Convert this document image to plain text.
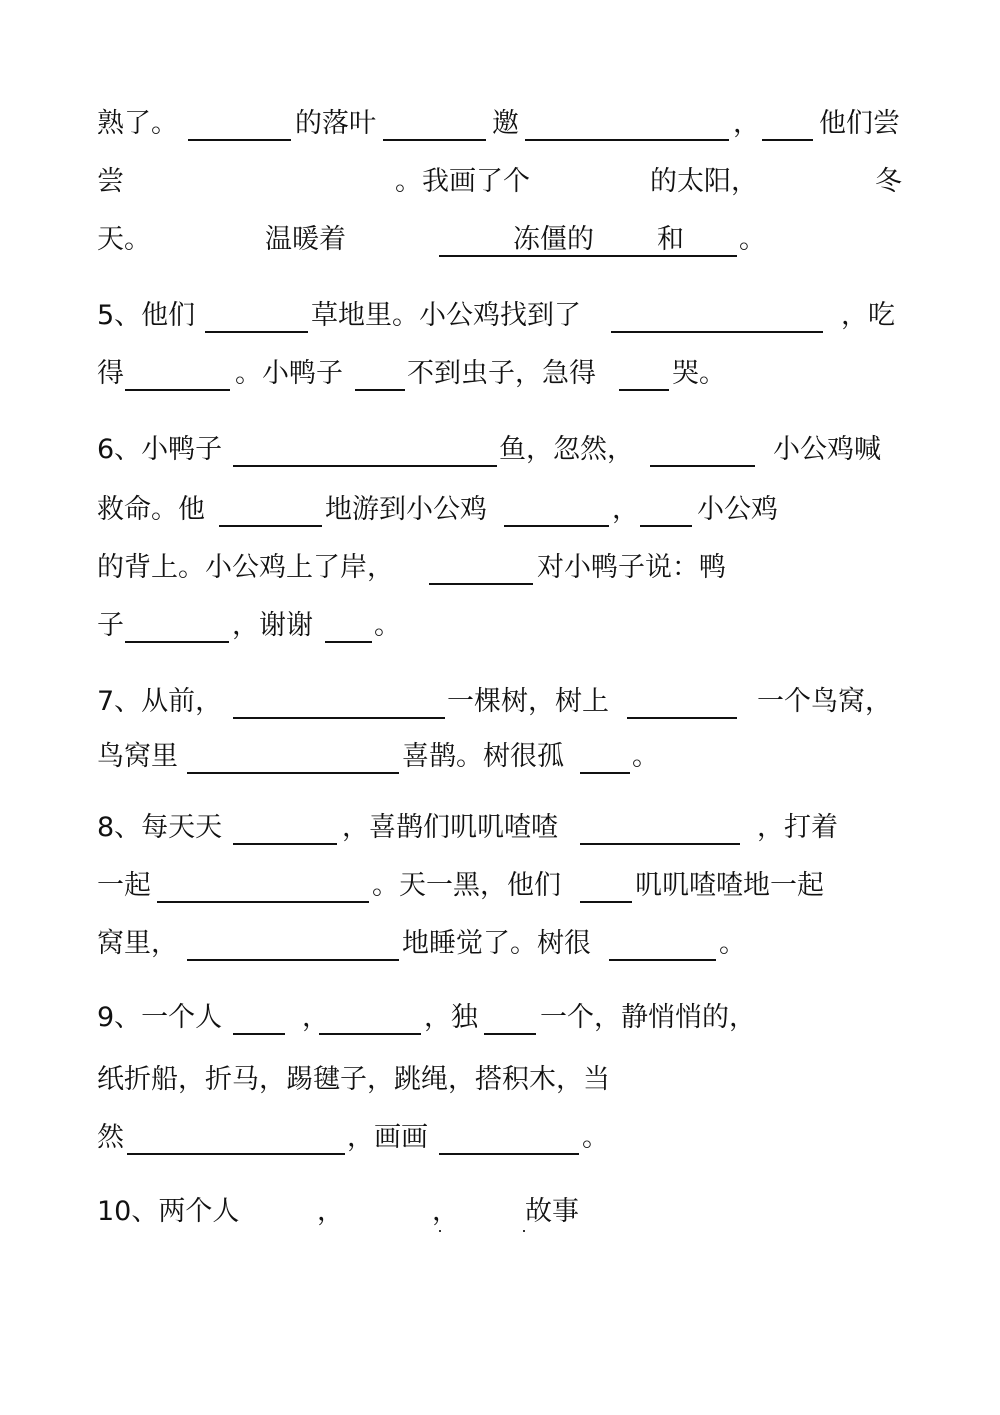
熟了。	的落叶	邀	， 他们尝
尝	。我画了个	的太阳，	冬
天。	温暖着	冻僵的 和 。
5、他们	草地里。小公鸡找到了	，吃
得	。小鸭子 不到虫子，急得	哭。
6、小鸭子	鱼，忽然，	小公鸡喊
救命。他	地游到小公鸡	， 小公鸡
的背上。小公鸡上了岸，	对小鸭子说：鸭
子	，谢谢 。
7、从前，	一棵树，树上	一个鸟窝，
鸟窝里	喜鹊。树很孤	。
8、每天天	，喜鹊们叽叽喳喳	，打着
一起	。天一黑，他们	叽叽喳喳地一起
窝里，	地睡觉了。树很	。
9、一个人	，	，独 一个，静悄悄的，
纸折船，折马，踢毽子，跳绳，搭积木，当
然	，画画	。
10、两个人	，	， 故事
